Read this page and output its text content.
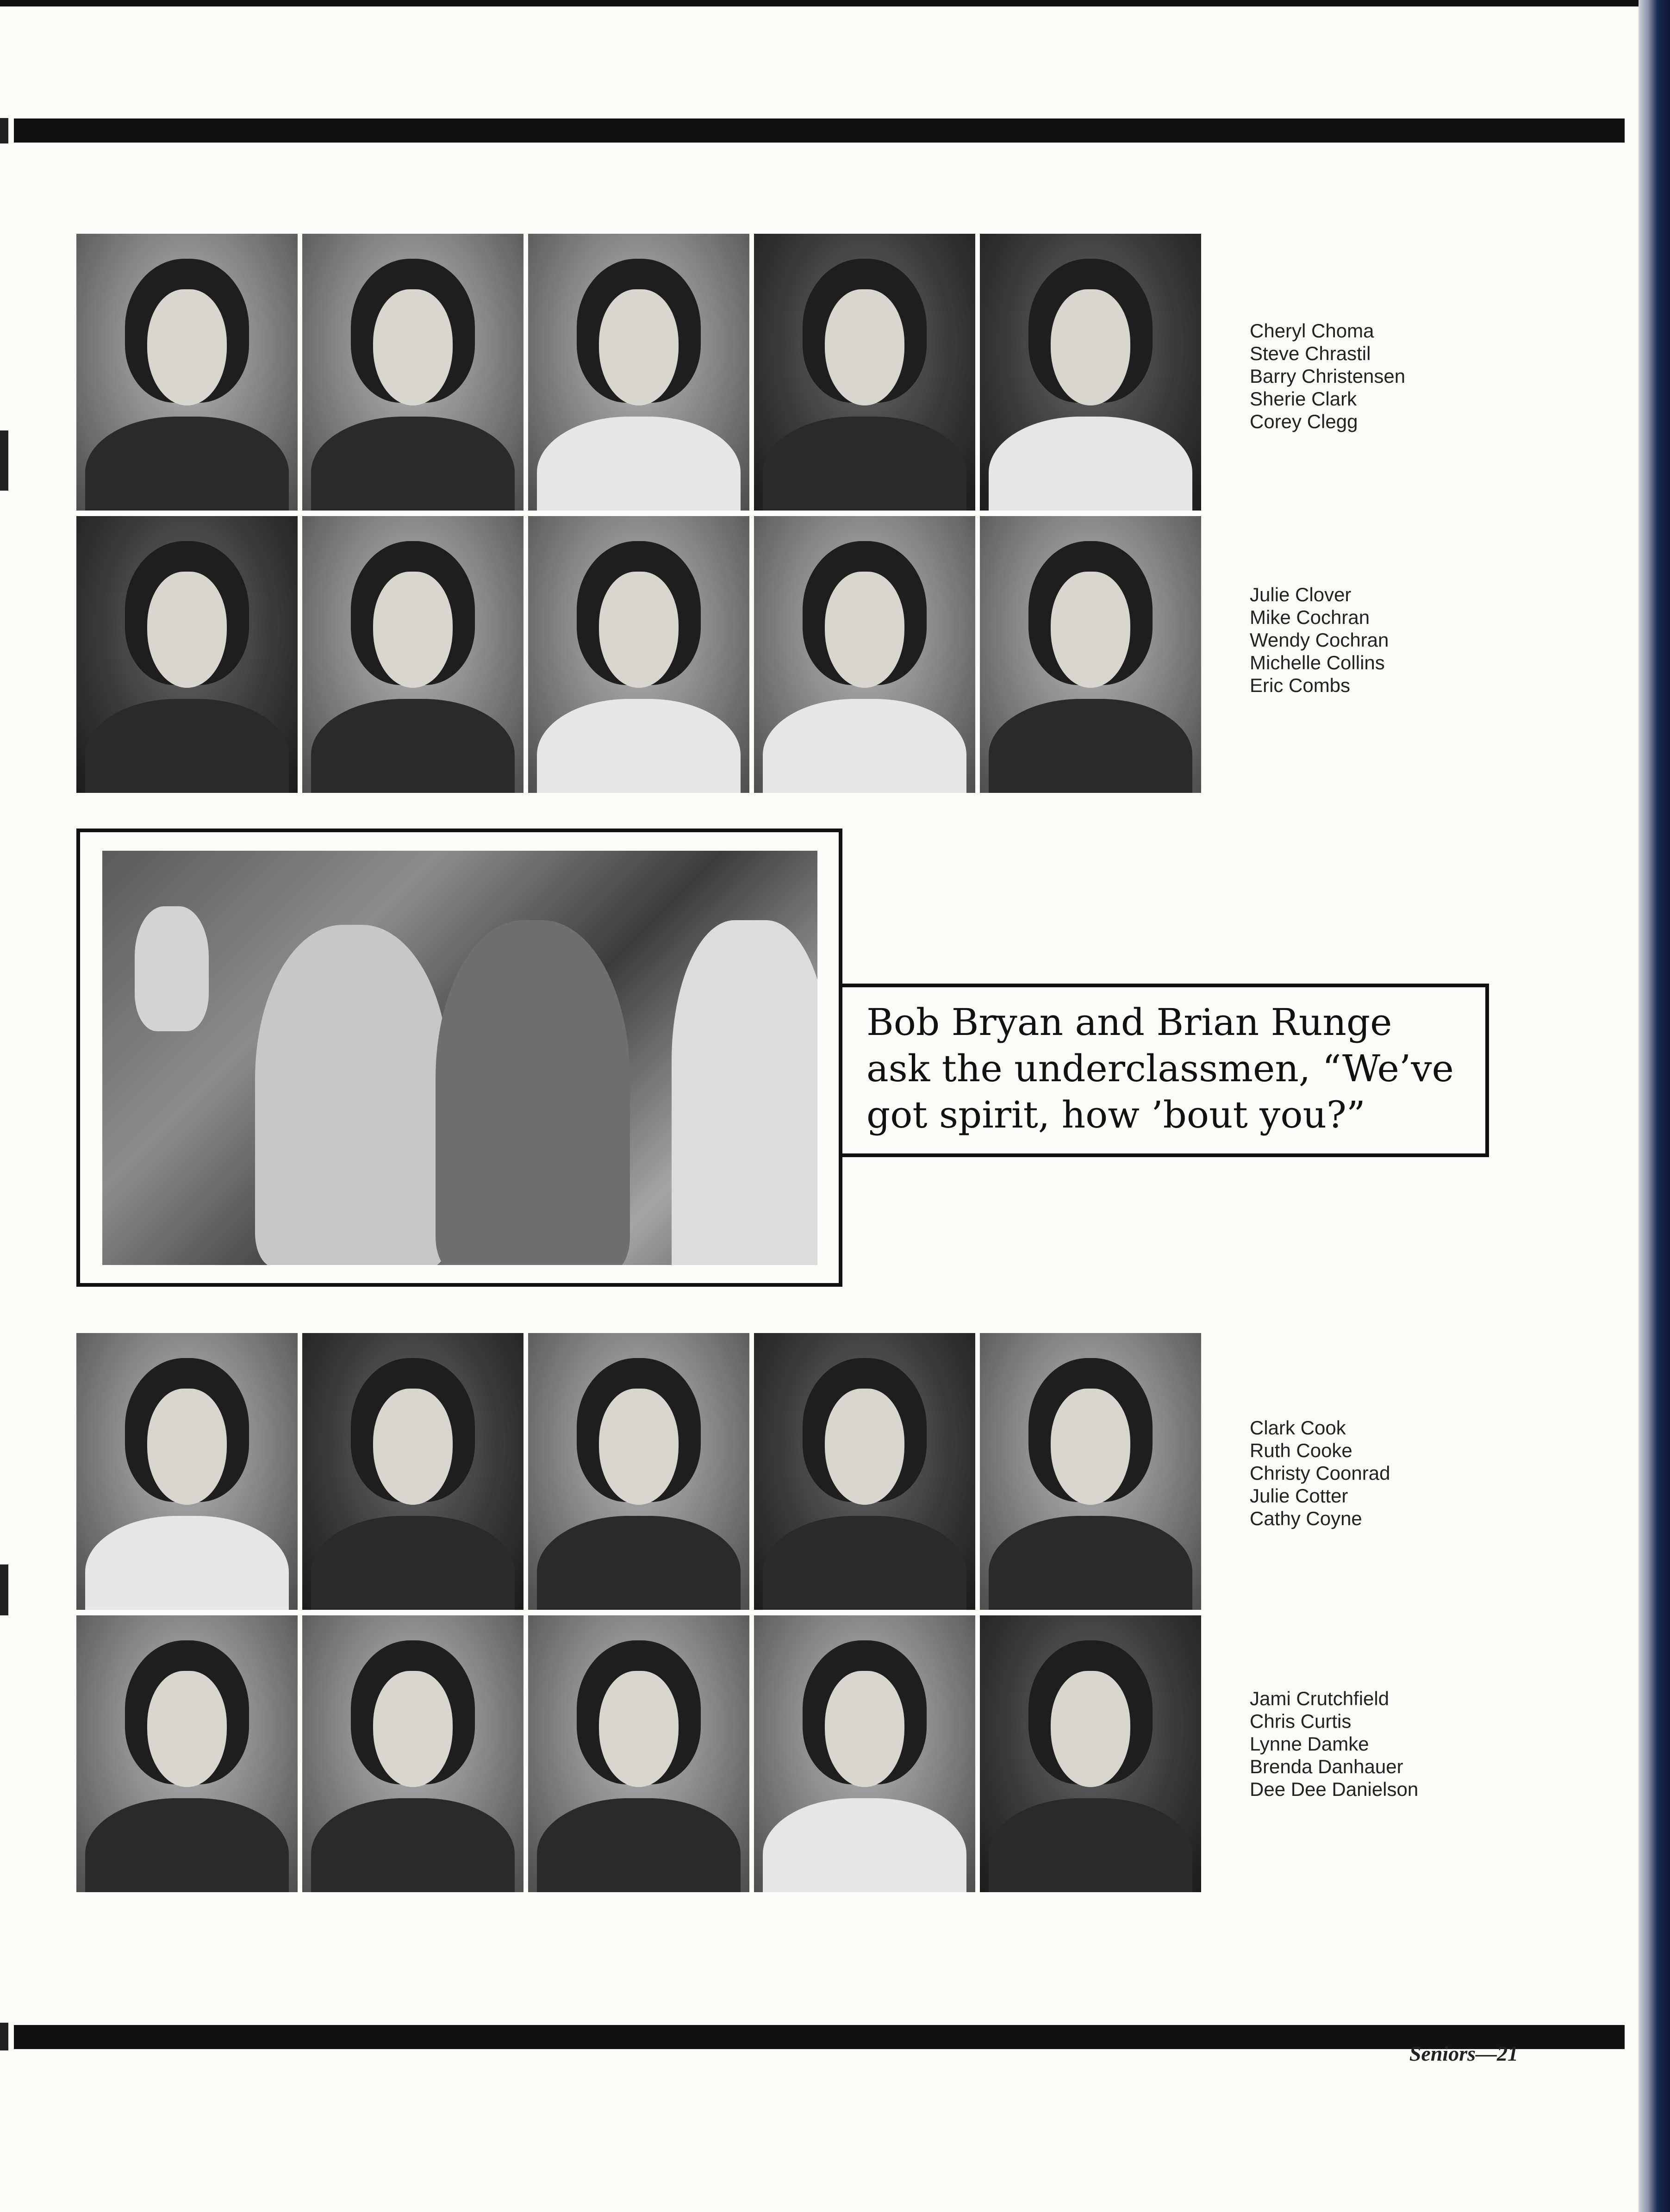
Cheryl Choma
Steve Chrastil
Barry Christensen
Sherie Clark
Corey Clegg
Julie Clover
Mike Cochran
Wendy Cochran
Michelle Collins
Eric Combs
Bob Bryan and Brian Runge ask the underclassmen, “We’ve got spirit, how ’bout you?”
Clark Cook
Ruth Cooke
Christy Coonrad
Julie Cotter
Cathy Coyne
Jami Crutchfield
Chris Curtis
Lynne Damke
Brenda Danhauer
Dee Dee Danielson
Seniors—21
